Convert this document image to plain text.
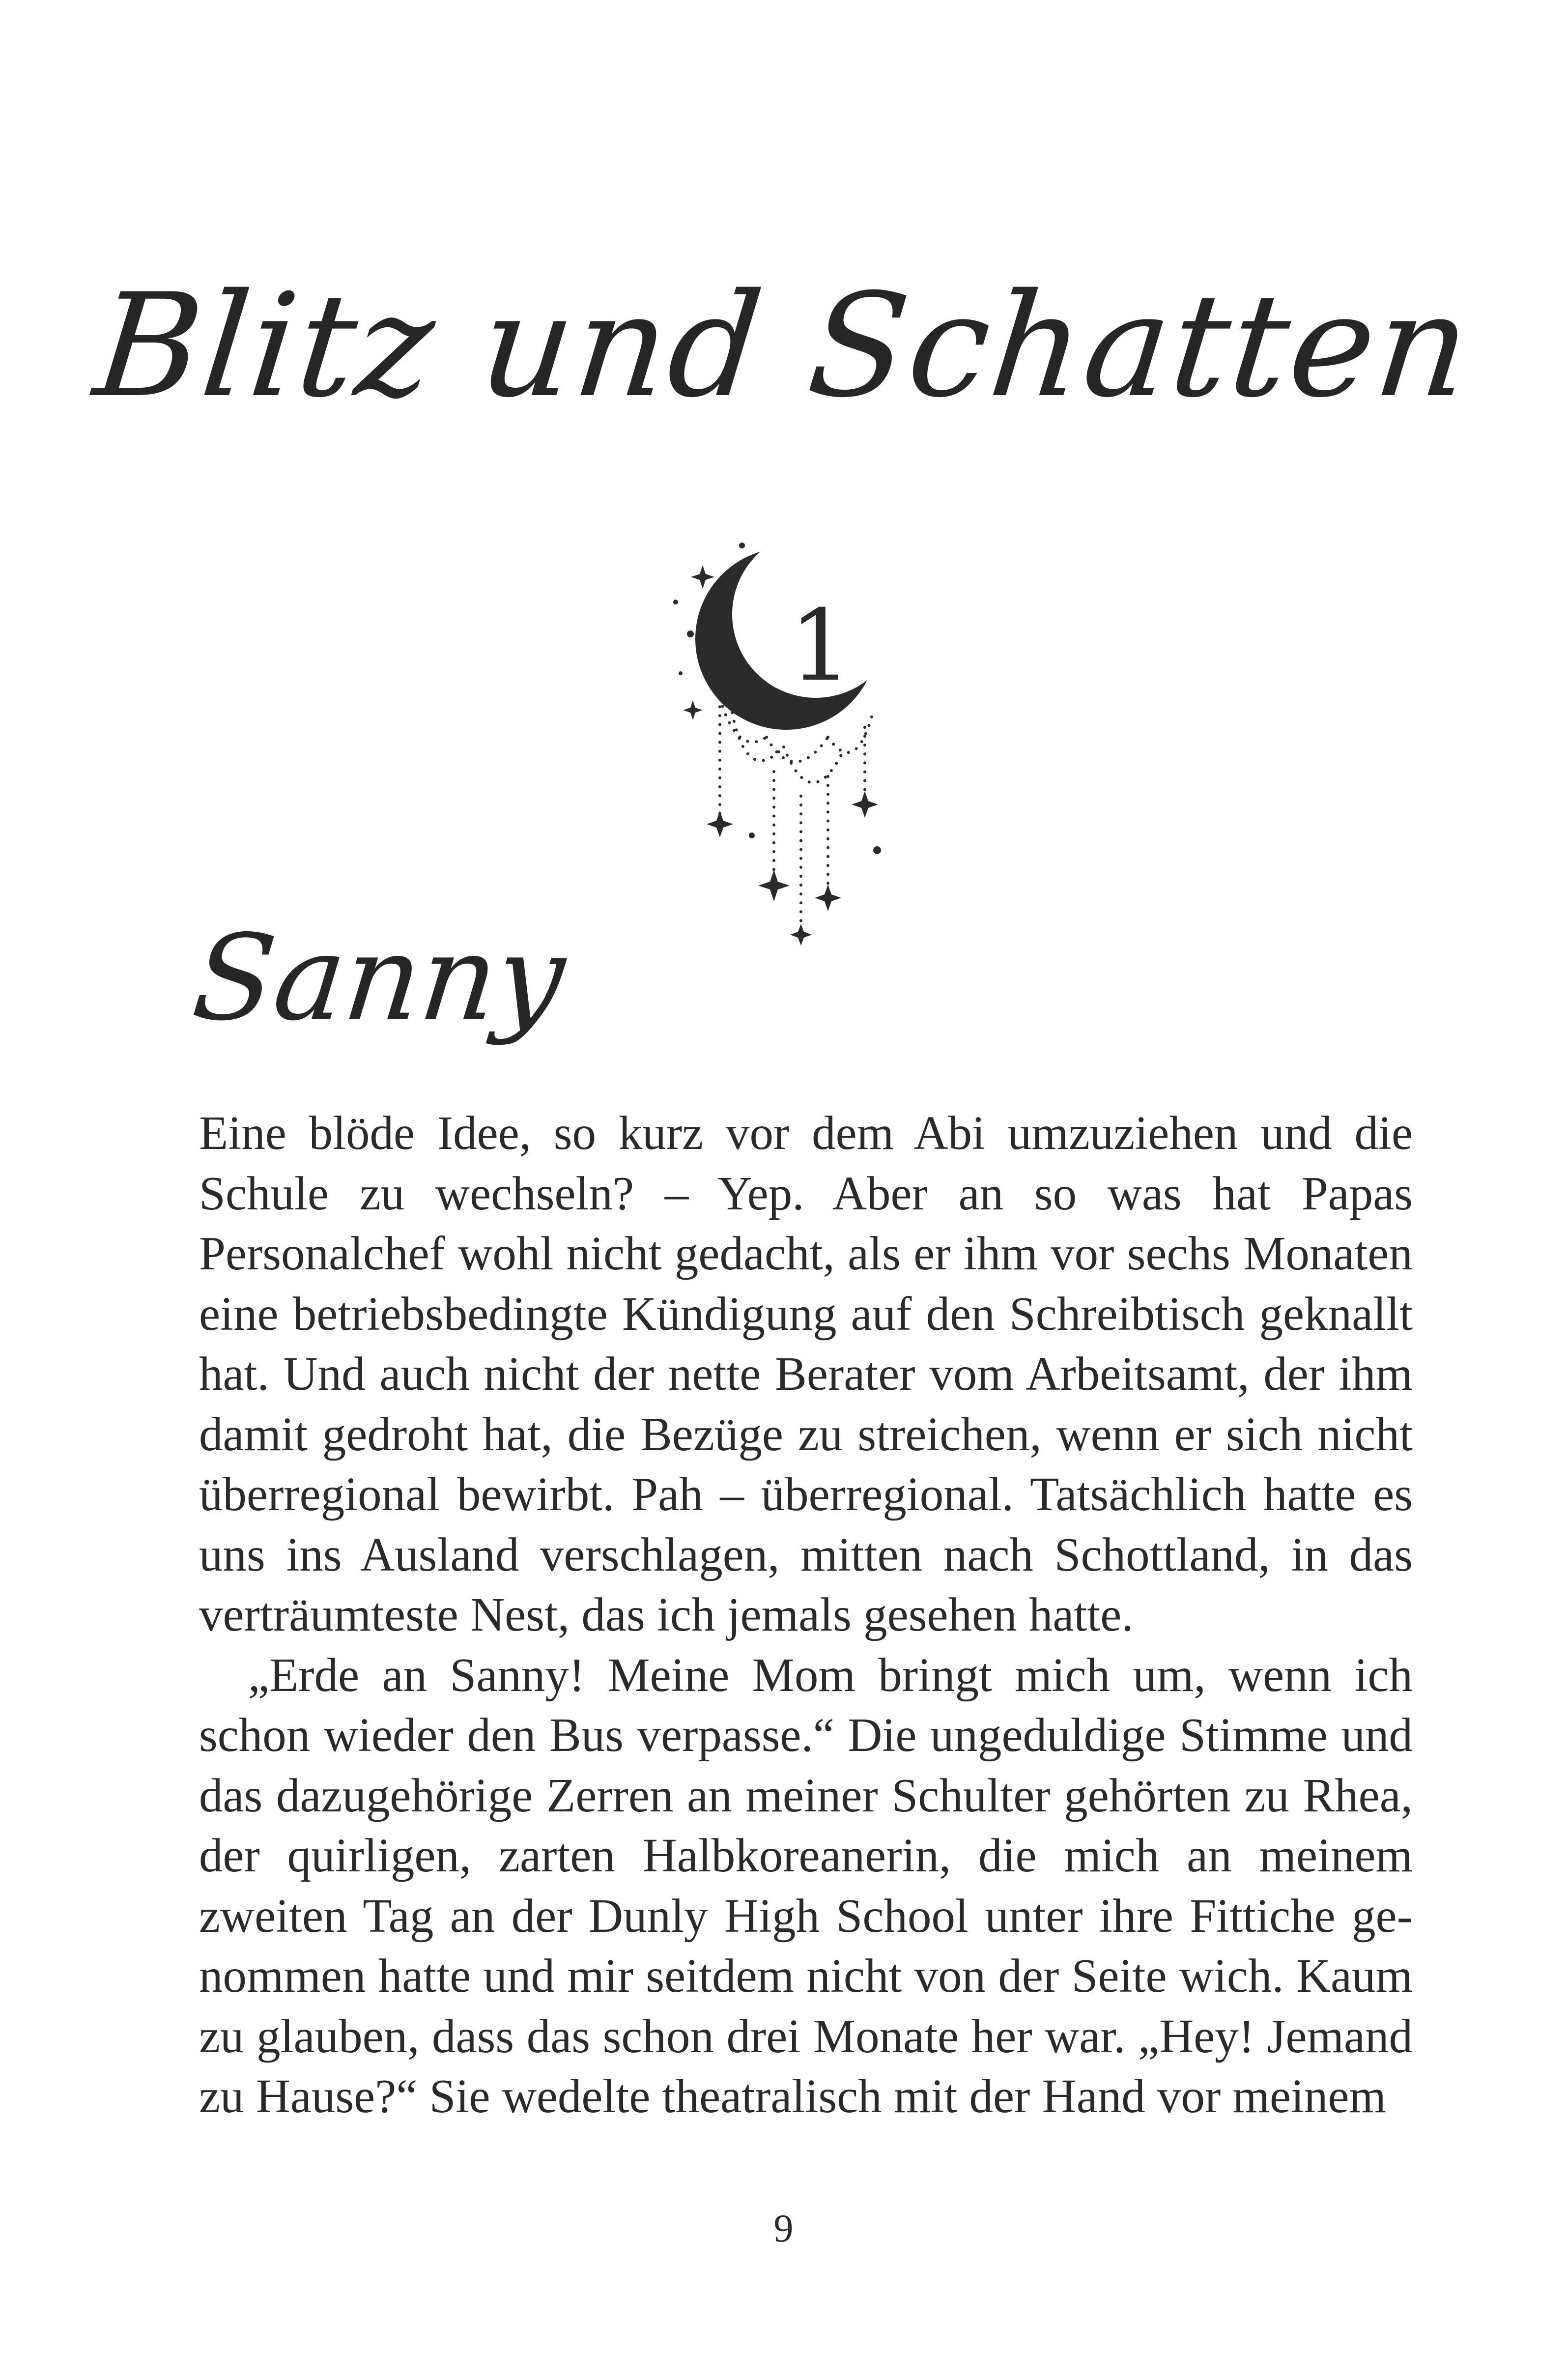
Blitz und Schatten
1
Sanny

Eine blöde Idee, so kurz vor dem Abi umzuziehen und die Schule zu wechseln? – Yep. Aber an so was hat Papas Personalchef wohl nicht gedacht, als er ihm vor sechs Monaten eine betriebsbedingte Kündigung auf den Schreibtisch geknallt hat. Und auch nicht der nette Berater vom Arbeitsamt, der ihm damit gedroht hat, die Bezüge zu streichen, wenn er sich nicht überregional bewirbt. Pah – überregional. Tatsächlich hatte es uns ins Ausland verschlagen, mitten nach Schottland, in das verträumteste Nest, das ich jemals gesehen hatte.

„Erde an Sanny! Meine Mom bringt mich um, wenn ich schon wieder den Bus verpasse.“ Die ungeduldige Stimme und das dazugehörige Zerren an meiner Schulter gehörten zu Rhea, der quirligen, zarten Halbkoreanerin, die mich an meinem zweiten Tag an der Dunly High School unter ihre Fittiche genommen hatte und mir seitdem nicht von der Seite wich. Kaum zu glauben, dass das schon drei Monate her war. „Hey! Jemand zu Hause?“ Sie wedelte theatralisch mit der Hand vor meinem

9
